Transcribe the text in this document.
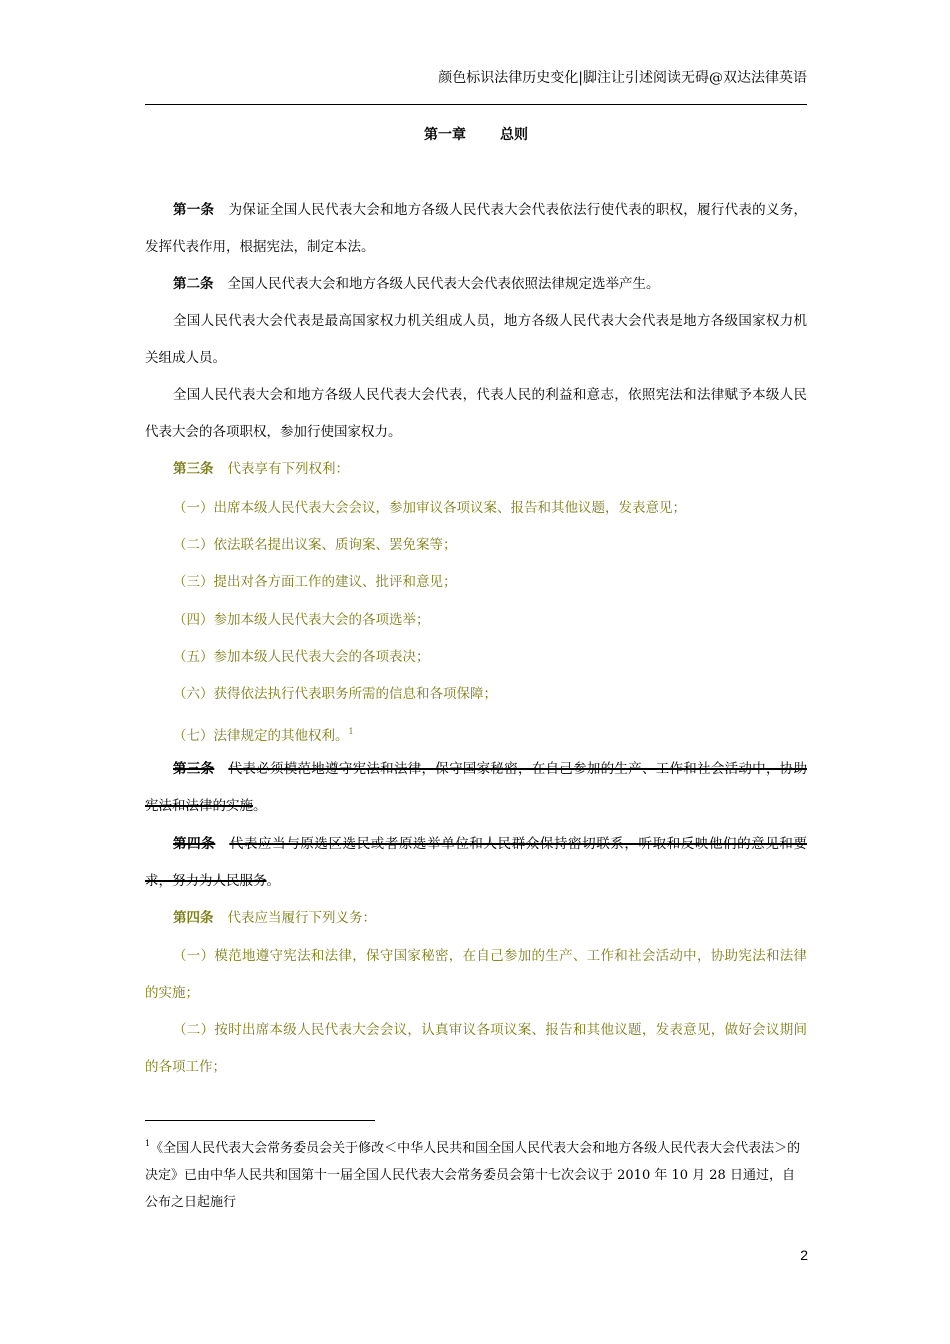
颜色标识法律历史变化|脚注让引述阅读无碍@双达法律英语
第一章 总则

第一条 为保证全国人民代表大会和地方各级人民代表大会代表依法行使代表的职权，履行代表的义务，发挥代表作用，根据宪法，制定本法。

第二条 全国人民代表大会和地方各级人民代表大会代表依照法律规定选举产生。

全国人民代表大会代表是最高国家权力机关组成人员，地方各级人民代表大会代表是地方各级国家权力机关组成人员。

全国人民代表大会和地方各级人民代表大会代表，代表人民的利益和意志，依照宪法和法律赋予本级人民代表大会的各项职权，参加行使国家权力。

第三条 代表享有下列权利：

（一）出席本级人民代表大会会议，参加审议各项议案、报告和其他议题，发表意见；

（二）依法联名提出议案、质询案、罢免案等；

（三）提出对各方面工作的建议、批评和意见；

（四）参加本级人民代表大会的各项选举；

（五）参加本级人民代表大会的各项表决；

（六）获得依法执行代表职务所需的信息和各项保障；

（七）法律规定的其他权利。$^1$

第三条 代表必须模范地遵守宪法和法律，保守国家秘密，在自己参加的生产、工作和社会活动中，协助宪法和法律的实施。

第四条 代表应当与原选区选民或者原选举单位和人民群众保持密切联系，听取和反映他们的意见和要求，努力为人民服务。

第四条 代表应当履行下列义务：

（一）模范地遵守宪法和法律，保守国家秘密，在自己参加的生产、工作和社会活动中，协助宪法和法律的实施；

（二）按时出席本级人民代表大会会议，认真审议各项议案、报告和其他议题，发表意见，做好会议期间的各项工作；

$^1$《全国人民代表大会常务委员会关于修改＜中华人民共和国全国人民代表大会和地方各级人民代表大会代表法＞的决定》已由中华人民共和国第十一届全国人民代表大会常务委员会第十七次会议于 2010 年 10 月 28 日通过，自公布之日起施行

2
